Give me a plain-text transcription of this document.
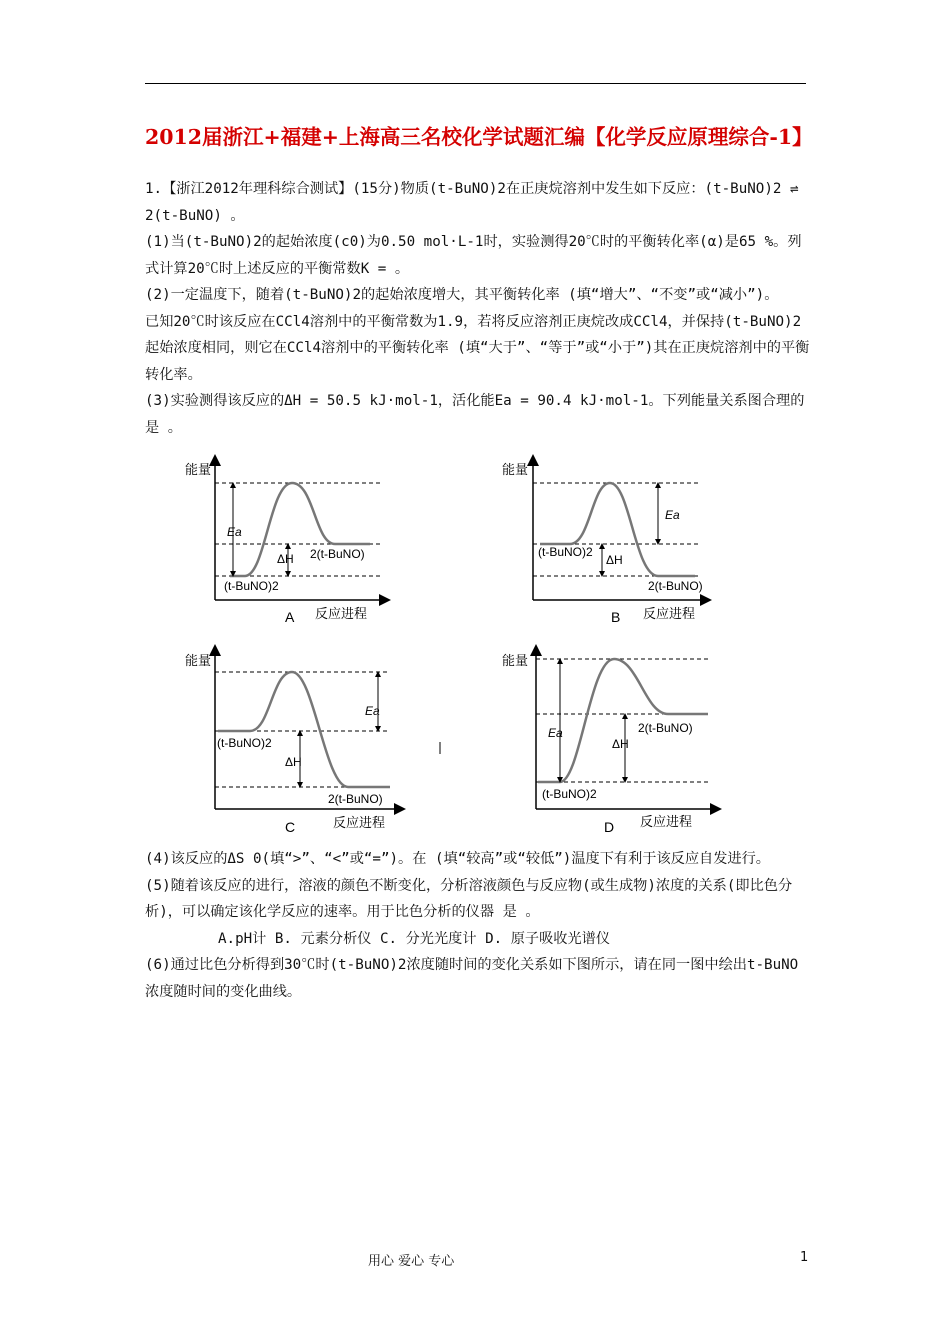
2012届浙江+福建+上海高三名校化学试题汇编【化学反应原理综合-1】

1.【浙江2012年理科综合测试】(15分)物质(t-BuNO)2在正庚烷溶剂中发生如下反应：(t-BuNO)2 ⇌ 2(t-BuNO) 。

(1)当(t-BuNO)2的起始浓度(c0)为0.50 mol·L-1时，实验测得20℃时的平衡转化率(α)是65 %。列式计算20℃时上述反应的平衡常数K = 。

(2)一定温度下，随着(t-BuNO)2的起始浓度增大，其平衡转化率 (填“增大”、“不变”或“减小”)。

已知20℃时该反应在CCl4溶剂中的平衡常数为1.9，若将反应溶剂正庚烷改成CCl4，并保持(t-BuNO)2起始浓度相同，则它在CCl4溶剂中的平衡转化率 (填“大于”、“等于”或“小于”)其在正庚烷溶剂中的平衡转化率。

(3)实验测得该反应的ΔH = 50.5 kJ·mol-1，活化能Ea = 90.4 kJ·mol-1。下列能量关系图合理的是 。

能量
Ea
ΔH 2(t-BuNO)
(t-BuNO)2
A 反应进程
能量
Ea
ΔH
(t-BuNO)2
2(t-BuNO)
B 反应进程
能量
Ea
ΔH
(t-BuNO)2
2(t-BuNO)
C	反应进程
能量
Ea
ΔH
2(t-BuNO)
(t-BuNO)2
D 反应进程

(4)该反应的ΔS 0(填“>”、“<”或“=”)。在 (填“较高”或“较低”)温度下有利于该反应自发进行。

(5)随着该反应的进行，溶液的颜色不断变化，分析溶液颜色与反应物(或生成物)浓度的关系(即比色分析)，可以确定该化学反应的速率。用于比色分析的仪器 是 。

A.pH计 B. 元素分析仪 C. 分光光度计 D. 原子吸收光谱仪

(6)通过比色分析得到30℃时(t-BuNO)2浓度随时间的变化关系如下图所示，请在同一图中绘出t-BuNO浓度随时间的变化曲线。

用心 爱心 专心	1
